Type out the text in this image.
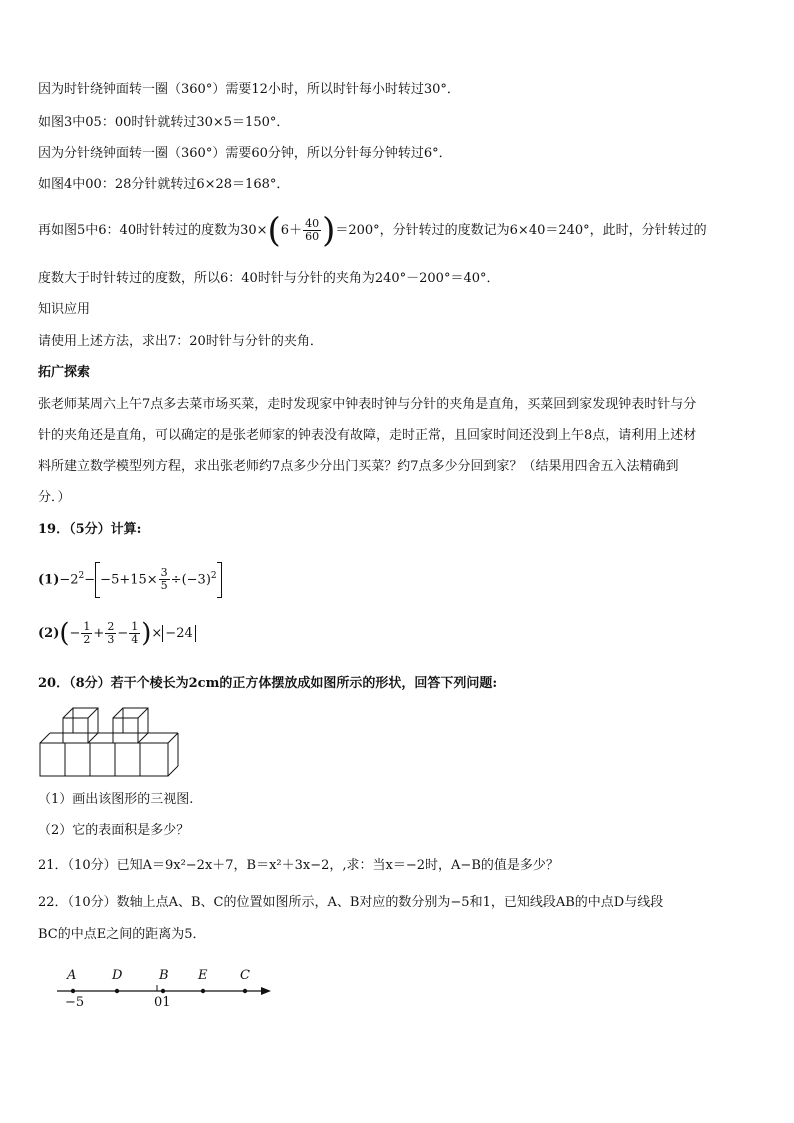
因为时针绕钟面转一圈（360°）需要12小时，所以时针每小时转过30°．
如图3中05：00时针就转过30×5＝150°．
因为分针绕钟面转一圈（360°）需要60分钟，所以分针每分钟转过6°．
如图4中00：28分针就转过6×28＝168°．
再如图5中6：40时针转过的度数为$30\times(6+ \frac{40}{60} )=200^\circ$，分针转过的度数记为6×40＝240°，此时，分针转过的
度数大于时针转过的度数，所以6：40时针与分针的夹角为240°－200°＝40°．
知识应用
请使用上述方法，求出7：20时针与分针的夹角．
拓广探索
张老师某周六上午7点多去菜市场买菜，走时发现家中钟表时钟与分针的夹角是直角，买菜回到家发现钟表时针与分
针的夹角还是直角，可以确定的是张老师家的钟表没有故障，走时正常，且回家时间还没到上午8点，请利用上述材
料所建立数学模型列方程，求出张老师约7点多少分出门买菜？约7点多少分回到家？（结果用四舍五入法精确到
分．）
19．（5分）计算:
$(1)-2^2- -5+15\times \frac{3}{5} \div(-3)^2$
$(2)(- \frac{1}{2} + \frac{2}{3} - \frac{1}{4}$ )× −24
20．（8分）若干个棱长为2cm的正方体摆放成如图所示的形状，回答下列问题:
（1）画出该图形的三视图.
（2）它的表面积是多少？
21．（10分）已知A＝9x²−2x＋7，B＝x²＋3x−2，,求：当x＝−2时，A−B的值是多少？
22．（10分）数轴上点A、B、C的位置如图所示，A、B对应的数分别为−5和1，已知线段AB的中点D与线段
BC的中点E之间的距离为5．
A	D	B E	C
−5	01
